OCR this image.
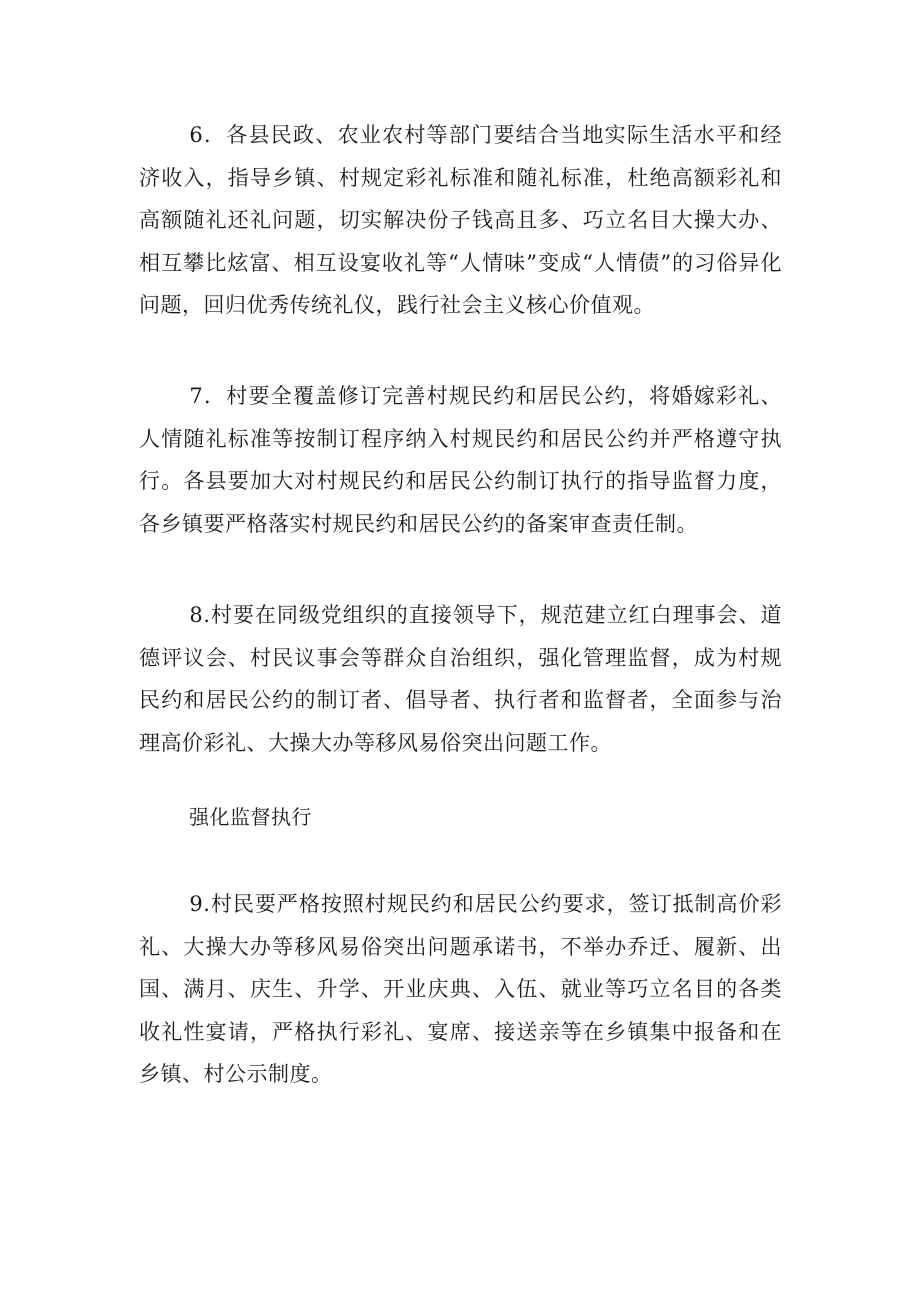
6．各县民政、农业农村等部门要结合当地实际生活水平和经济收入，指导乡镇、村规定彩礼标准和随礼标准，杜绝高额彩礼和高额随礼还礼问题，切实解决份子钱高且多、巧立名目大操大办、相互攀比炫富、相互设宴收礼等“人情味”变成“人情债”的习俗异化问题，回归优秀传统礼仪，践行社会主义核心价值观。

7．村要全覆盖修订完善村规民约和居民公约，将婚嫁彩礼、人情随礼标准等按制订程序纳入村规民约和居民公约并严格遵守执行。各县要加大对村规民约和居民公约制订执行的指导监督力度，各乡镇要严格落实村规民约和居民公约的备案审查责任制。

8.村要在同级党组织的直接领导下，规范建立红白理事会、道德评议会、村民议事会等群众自治组织，强化管理监督，成为村规民约和居民公约的制订者、倡导者、执行者和监督者，全面参与治理高价彩礼、大操大办等移风易俗突出问题工作。

强化监督执行

9.村民要严格按照村规民约和居民公约要求，签订抵制高价彩礼、大操大办等移风易俗突出问题承诺书，不举办乔迁、履新、出国、满月、庆生、升学、开业庆典、入伍、就业等巧立名目的各类收礼性宴请，严格执行彩礼、宴席、接送亲等在乡镇集中报备和在乡镇、村公示制度。
